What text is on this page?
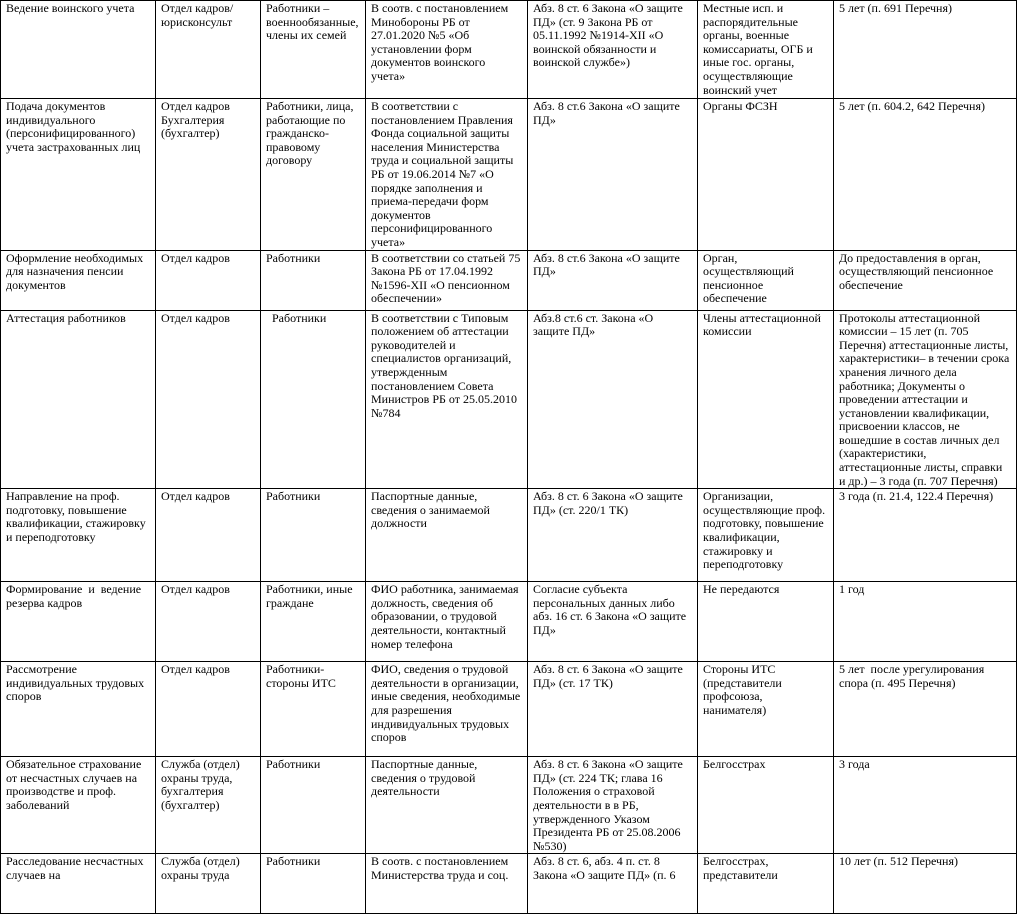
Ведение воинского учета	Отдел кадров/ юрисконсульт	Работники – военнообязанные, члены их семей	В соотв. с постановлением Минобороны РБ от 27.01.2020 №5 «Об установлении форм документов воинского учета»	Абз. 8 ст. 6 Закона «О защите ПД» (ст. 9 Закона РБ от 05.11.1992 №1914-XII «О воинской обязанности и воинской службе»)	Местные исп. и распорядительные органы, военные комиссариаты, ОГБ и иные гос. органы, осуществляющие воинский учет	5 лет (п. 691 Перечня)
Подача документов индивидуального (персонифицированного) учета застрахованных лиц	Отдел кадров Бухгалтерия (бухгалтер)	Работники, лица, работающие по гражданско-правовому договору	В соответствии с постановлением Правления Фонда социальной защиты населения Министерства труда и социальной защиты РБ от 19.06.2014 №7 «О порядке заполнения и приема-передачи форм документов персонифицированного учета»	Абз. 8 ст.6 Закона «О защите ПД»	Органы ФСЗН	5 лет (п. 604.2, 642 Перечня)
Оформление необходимых для назначения пенсии документов	Отдел кадров	Работники	В соответствии со статьей 75 Закона РБ от 17.04.1992 №1596-XII «О пенсионном обеспечении»	Абз. 8 ст.6 Закона «О защите ПД»	Орган, осуществляющий пенсионное обеспечение	До предоставления в орган, осуществляющий пенсионное обеспечение
Аттестация работников	Отдел кадров	Работники	В соответствии с Типовым положением об аттестации руководителей и специалистов организаций, утвержденным постановлением Совета Министров РБ от 25.05.2010 №784	Абз.8 ст.6 ст. Закона «О защите ПД»	Члены аттестационной комиссии	Протоколы аттестационной комиссии – 15 лет (п. 705 Перечня) аттестационные листы, характеристики– в течении срока хранения личного дела работника; Документы о проведении аттестации и установлении квалификации, присвоении классов, не вошедшие в состав личных дел (характеристики, аттестационные листы, справки и др.) – 3 года (п. 707 Перечня)
Направление на проф. подготовку, повышение квалификации, стажировку и переподготовку	Отдел кадров	Работники	Паспортные данные, сведения о занимаемой должности	Абз. 8 ст. 6 Закона «О защите ПД» (ст. 220/1 ТК)	Организации, осуществляющие проф. подготовку, повышение квалификации, стажировку и переподготовку	3 года (п. 21.4, 122.4 Перечня)
Формирование  и  ведение резерва кадров	Отдел кадров	Работники, иные граждане	ФИО работника, занимаемая должность, сведения об образовании, о трудовой деятельности, контактный номер телефона	Согласие субъекта персональных данных либо абз. 16 ст. 6 Закона «О защите ПД»	Не передаются	1 год
Рассмотрение индивидуальных трудовых споров	Отдел кадров	Работники-стороны ИТС	ФИО, сведения о трудовой деятельности в организации, иные сведения, необходимые для разрешения индивидуальных трудовых споров	Абз. 8 ст. 6 Закона «О защите ПД» (ст. 17 ТК)	Стороны ИТС (представители профсоюза, нанимателя)	5 лет  после урегулирования спора (п. 495 Перечня)
Обязательное страхование от несчастных случаев на производстве и проф. заболеваний	Служба (отдел) охраны труда, бухгалтерия (бухгалтер)	Работники	Паспортные данные, сведения о трудовой деятельности	Абз. 8 ст. 6 Закона «О защите ПД» (ст. 224 ТК; глава 16 Положения о страховой деятельности в в РБ, утвержденного Указом Президента РБ от 25.08.2006 №530)	Белгосстрах	3 года
Расследование несчастных случаев на	Служба (отдел) охраны труда	Работники	В соотв. с постановлением Министерства труда и соц.	Абз. 8 ст. 6, абз. 4 п. ст. 8 Закона «О защите ПД» (п. 6	Белгосстрах, представители	10 лет (п. 512 Перечня)
